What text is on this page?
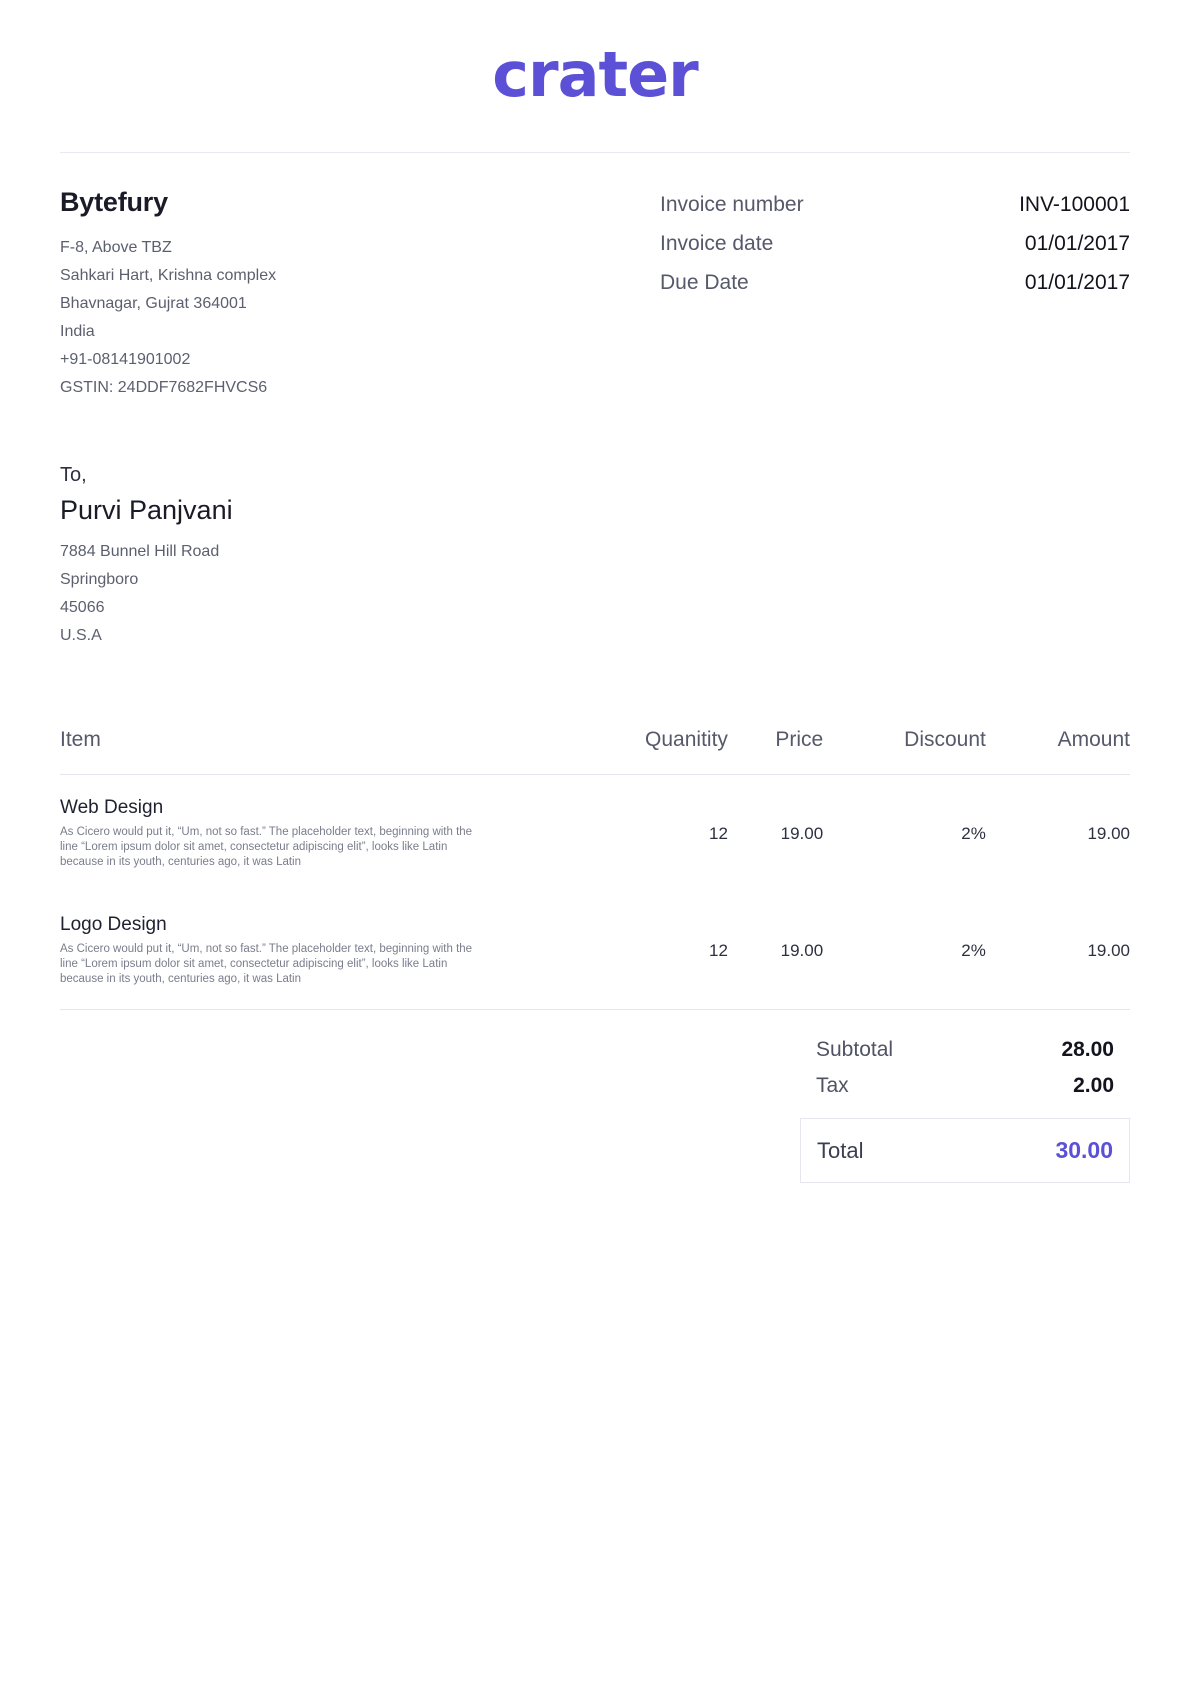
crater
Bytefury
F-8, Above TBZ
Sahkari Hart, Krishna complex
Bhavnagar, Gujrat 364001
India
+91-08141901002
GSTIN: 24DDF7682FHVCS6
Invoice number	INV-100001
Invoice date	01/01/2017
Due Date	01/01/2017
To,
Purvi Panjvani
7884 Bunnel Hill Road
Springboro
45066
U.S.A
Item	Quanitity	Price	Discount	Amount

Web Design
As Cicero would put it, “Um, not so fast.” The placeholder text, beginning with the line “Lorem ipsum dolor sit amet, consectetur adipiscing elit”, looks like Latin because in its youth, centuries ago, it was Latin	12	19.00	2%	19.00

Logo Design
As Cicero would put it, “Um, not so fast.” The placeholder text, beginning with the line “Lorem ipsum dolor sit amet, consectetur adipiscing elit”, looks like Latin because in its youth, centuries ago, it was Latin	12	19.00	2%	19.00
Subtotal	28.00
Tax	2.00
Total	30.00
